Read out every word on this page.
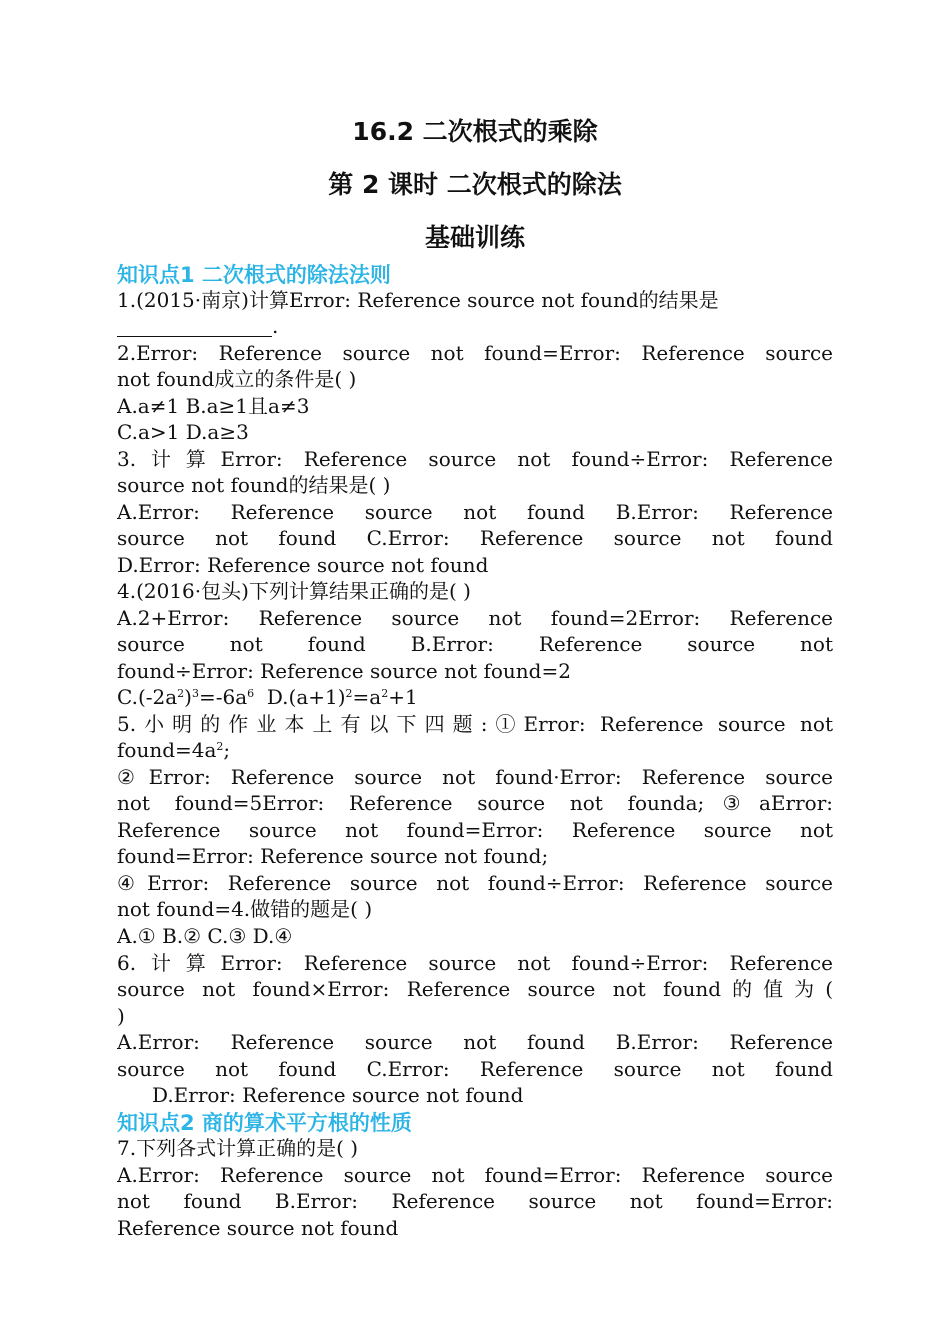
16.2 二次根式的乘除
第 2 课时 二次根式的除法
基础训练
知识点1 二次根式的除法法则
1.(2015·南京)计算Error: Reference source not found的结果是
.
2.Error: Reference source not found=Error: Reference source
not found成立的条件是( )
A.a≠1 B.a≥1且a≠3
C.a>1 D.a≥3
3.计算Error: Reference source not found÷Error: Reference
source not found的结果是( )
A.Error: Reference source not found B.Error: Reference
source not found C.Error: Reference source not found
D.Error: Reference source not found
4.(2016·包头)下列计算结果正确的是( )
A.2+Error: Reference source not found=2Error: Reference
source not found B.Error: Reference source not
found÷Error: Reference source not found=2
$C.(-2a^2)^3=-6a^6$  $D.(a+1)^2=a^2+1$
5.小明的作业本上有以下四题:①Error: Reference source not
$found=4a^2$;
②Error: Reference source not found·Error: Reference source
not found=5Error: Reference source not founda;③aError:
Reference source not found=Error: Reference source not
found=Error: Reference source not found;
④Error: Reference source not found÷Error: Reference source
not found=4.做错的题是( )
A.① B.② C.③ D.④
6.计算Error: Reference source not found÷Error: Reference
source not found×Error: Reference source not found的值为(
)
A.Error: Reference source not found B.Error: Reference
source not found C.Error: Reference source not found
D.Error: Reference source not found
知识点2 商的算术平方根的性质
7.下列各式计算正确的是( )
A.Error: Reference source not found=Error: Reference source
not found B.Error: Reference source not found=Error:
Reference source not found
